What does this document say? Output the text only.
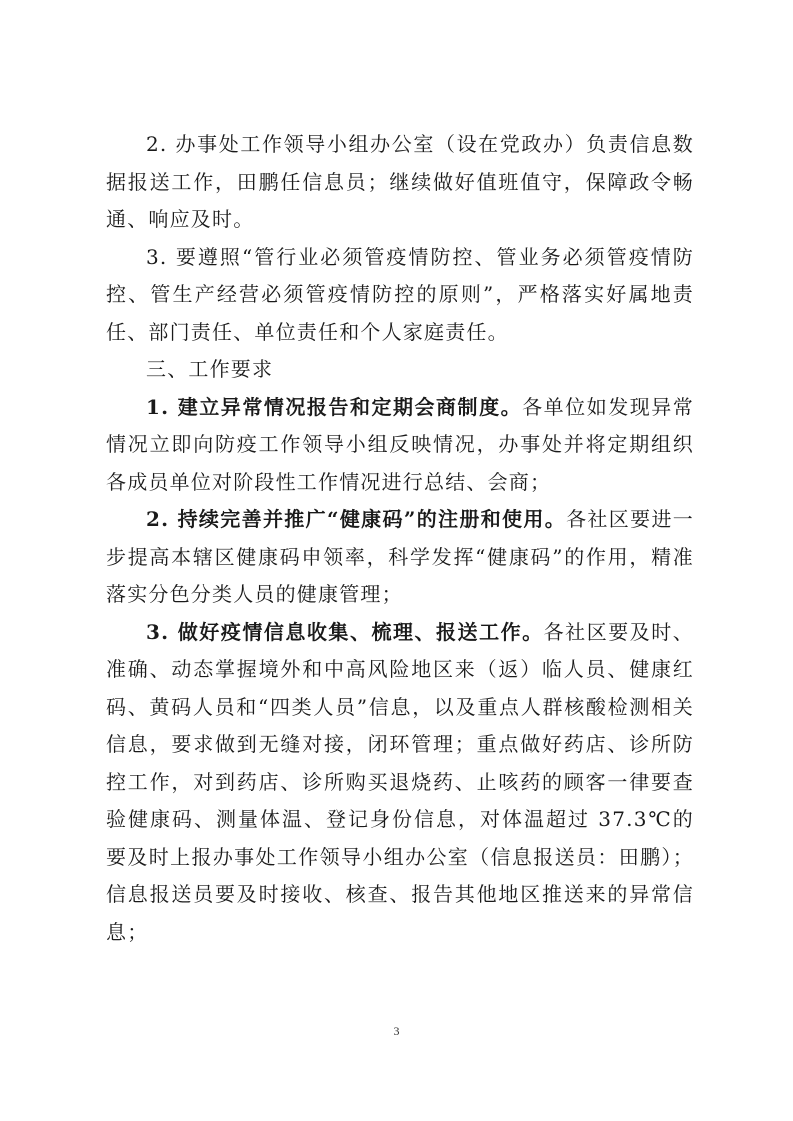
2. 办事处工作领导小组办公室（设在党政办）负责信息数据报送工作，田鹏任信息员；继续做好值班值守，保障政令畅通、响应及时。

3. 要遵照“管行业必须管疫情防控、管业务必须管疫情防控、管生产经营必须管疫情防控的原则”，严格落实好属地责任、部门责任、单位责任和个人家庭责任。

三、工作要求

1. 建立异常情况报告和定期会商制度。各单位如发现异常情况立即向防疫工作领导小组反映情况，办事处并将定期组织各成员单位对阶段性工作情况进行总结、会商；

2. 持续完善并推广“健康码”的注册和使用。各社区要进一步提高本辖区健康码申领率，科学发挥“健康码”的作用，精准落实分色分类人员的健康管理；

3. 做好疫情信息收集、梳理、报送工作。各社区要及时、准确、动态掌握境外和中高风险地区来（返）临人员、健康红码、黄码人员和“四类人员”信息，以及重点人群核酸检测相关信息，要求做到无缝对接，闭环管理；重点做好药店、诊所防控工作，对到药店、诊所购买退烧药、止咳药的顾客一律要查验健康码、测量体温、登记身份信息，对体温超过 37.3℃的要及时上报办事处工作领导小组办公室（信息报送员：田鹏）；信息报送员要及时接收、核查、报告其他地区推送来的异常信息；

3
